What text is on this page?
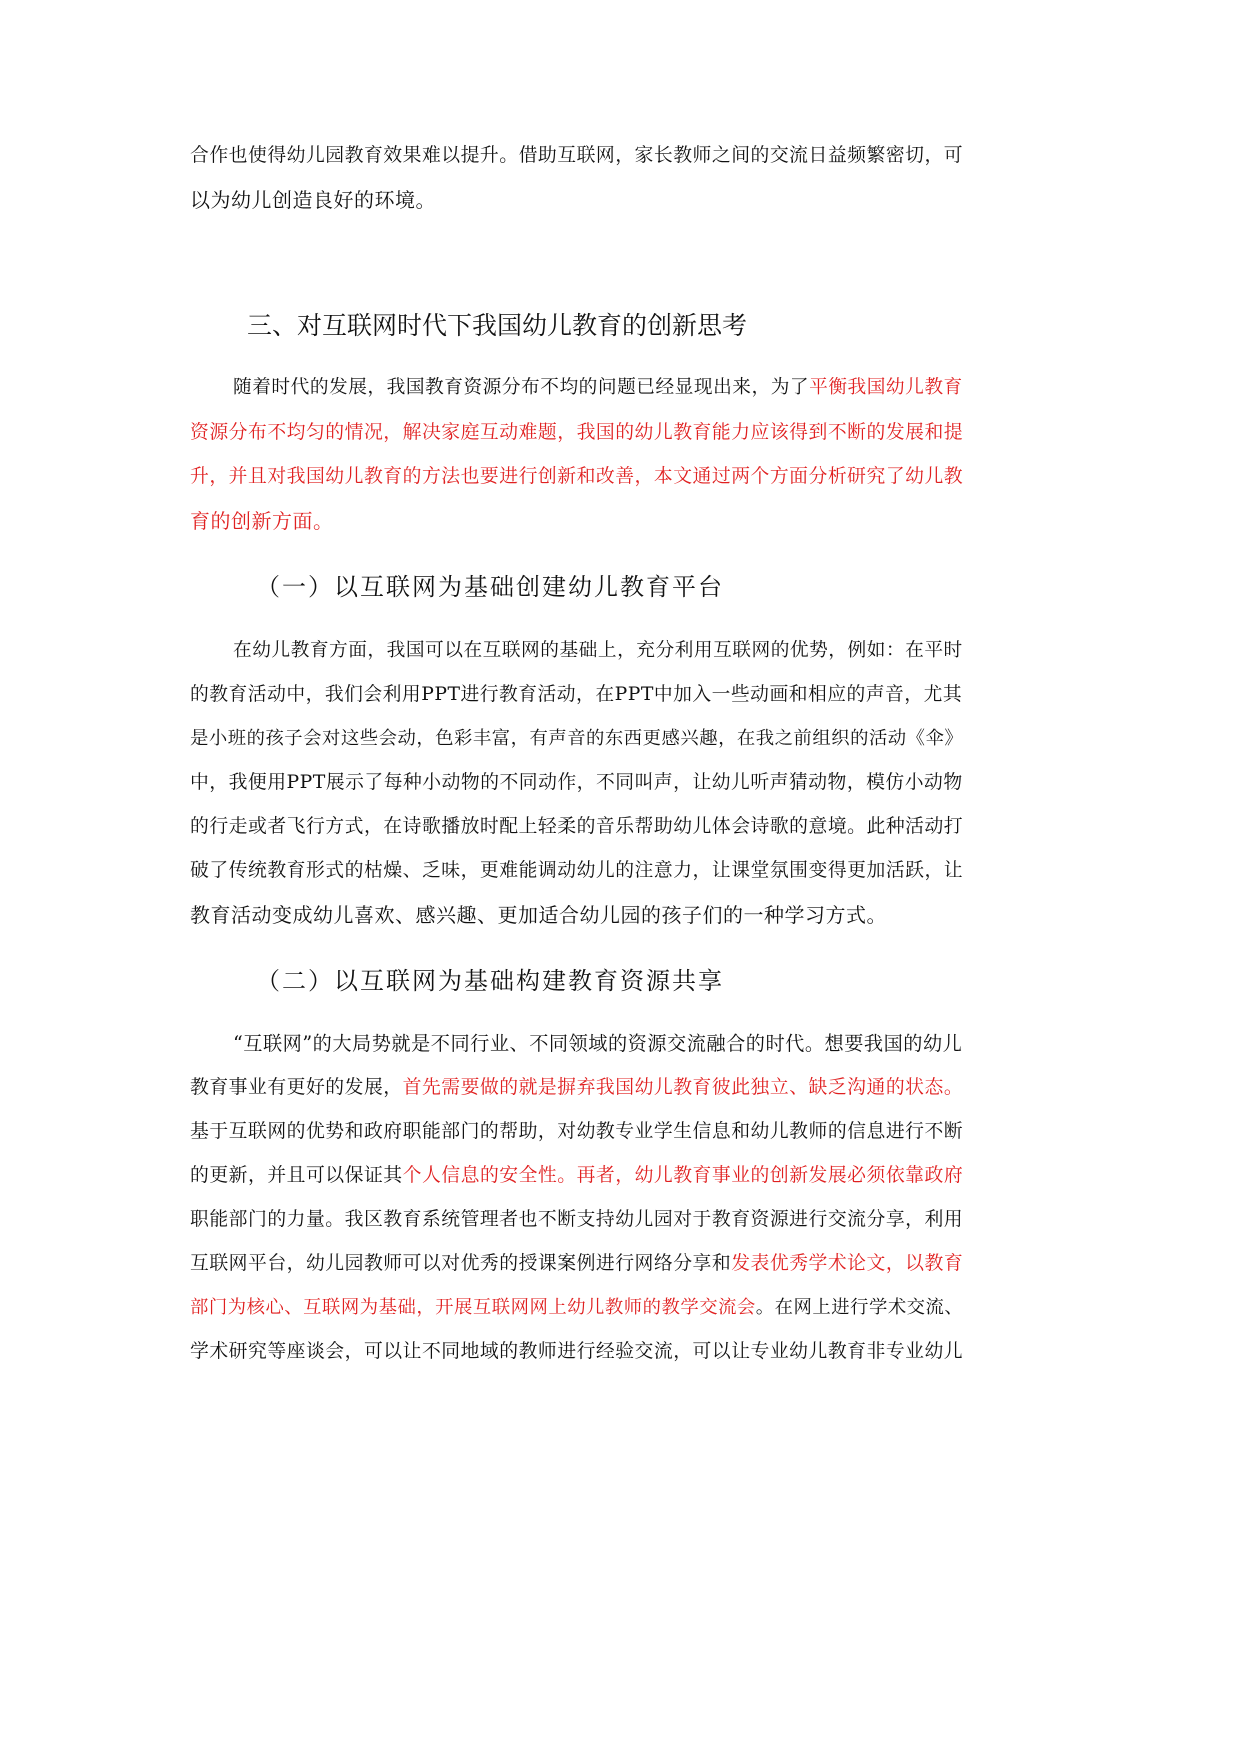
合作也使得幼儿园教育效果难以提升。借助互联网，家长教师之间的交流日益频繁密切，可
以为幼儿创造良好的环境。
三、对互联网时代下我国幼儿教育的创新思考
随着时代的发展，我国教育资源分布不均的问题已经显现出来，为了平衡我国幼儿教育
资源分布不均匀的情况，解决家庭互动难题，我国的幼儿教育能力应该得到不断的发展和提
升，并且对我国幼儿教育的方法也要进行创新和改善，本文通过两个方面分析研究了幼儿教
育的创新方面。
（一）以互联网为基础创建幼儿教育平台
在幼儿教育方面，我国可以在互联网的基础上，充分利用互联网的优势，例如：在平时
的教育活动中，我们会利用PPT进行教育活动，在PPT中加入一些动画和相应的声音，尤其
是小班的孩子会对这些会动，色彩丰富，有声音的东西更感兴趣，在我之前组织的活动《伞》
中，我便用PPT展示了每种小动物的不同动作，不同叫声，让幼儿听声猜动物，模仿小动物
的行走或者飞行方式，在诗歌播放时配上轻柔的音乐帮助幼儿体会诗歌的意境。此种活动打
破了传统教育形式的枯燥、乏味，更难能调动幼儿的注意力，让课堂氛围变得更加活跃，让
教育活动变成幼儿喜欢、感兴趣、更加适合幼儿园的孩子们的一种学习方式。
（二）以互联网为基础构建教育资源共享
“互联网”的大局势就是不同行业、不同领域的资源交流融合的时代。想要我国的幼儿
教育事业有更好的发展，首先需要做的就是摒弃我国幼儿教育彼此独立、缺乏沟通的状态。
基于互联网的优势和政府职能部门的帮助，对幼教专业学生信息和幼儿教师的信息进行不断
的更新，并且可以保证其个人信息的安全性。再者，幼儿教育事业的创新发展必须依靠政府
职能部门的力量。我区教育系统管理者也不断支持幼儿园对于教育资源进行交流分享，利用
互联网平台，幼儿园教师可以对优秀的授课案例进行网络分享和发表优秀学术论文，以教育
部门为核心、互联网为基础，开展互联网网上幼儿教师的教学交流会。在网上进行学术交流、
学术研究等座谈会，可以让不同地域的教师进行经验交流，可以让专业幼儿教育非专业幼儿
